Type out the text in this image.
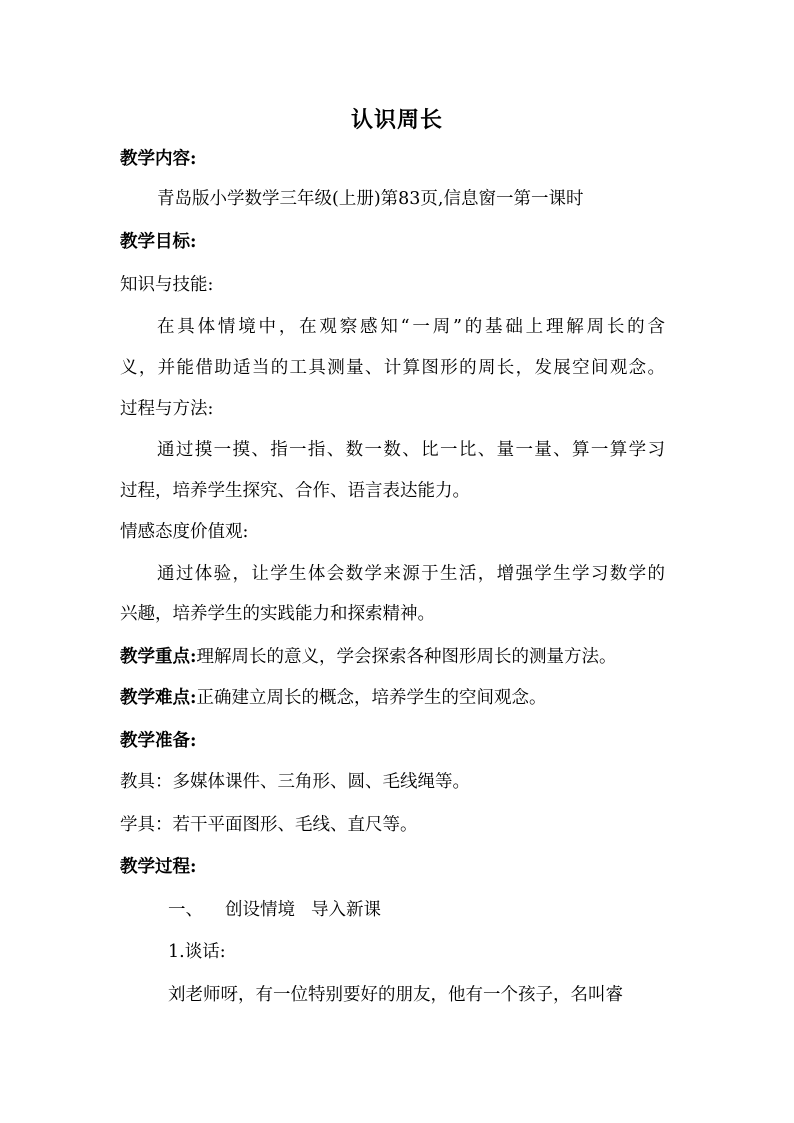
认识周长
教学内容:
青岛版小学数学三年级(上册)第83页,信息窗一第一课时
教学目标:
知识与技能:
在具体情境中，在观察感知“一周”的基础上理解周长的含
义，并能借助适当的工具测量、计算图形的周长，发展空间观念。
过程与方法:
通过摸一摸、指一指、数一数、比一比、量一量、算一算学习
过程，培养学生探究、合作、语言表达能力。
情感态度价值观:
通过体验，让学生体会数学来源于生活，增强学生学习数学的
兴趣，培养学生的实践能力和探索精神。
教学重点:理解周长的意义，学会探索各种图形周长的测量方法。
教学难点:正确建立周长的概念，培养学生的空间观念。
教学准备:
教具：多媒体课件、三角形、圆、毛线绳等。
学具：若干平面图形、毛线、直尺等。
教学过程:
一、 创设情境 导入新课
1.谈话:
刘老师呀，有一位特别要好的朋友，他有一个孩子，名叫睿
